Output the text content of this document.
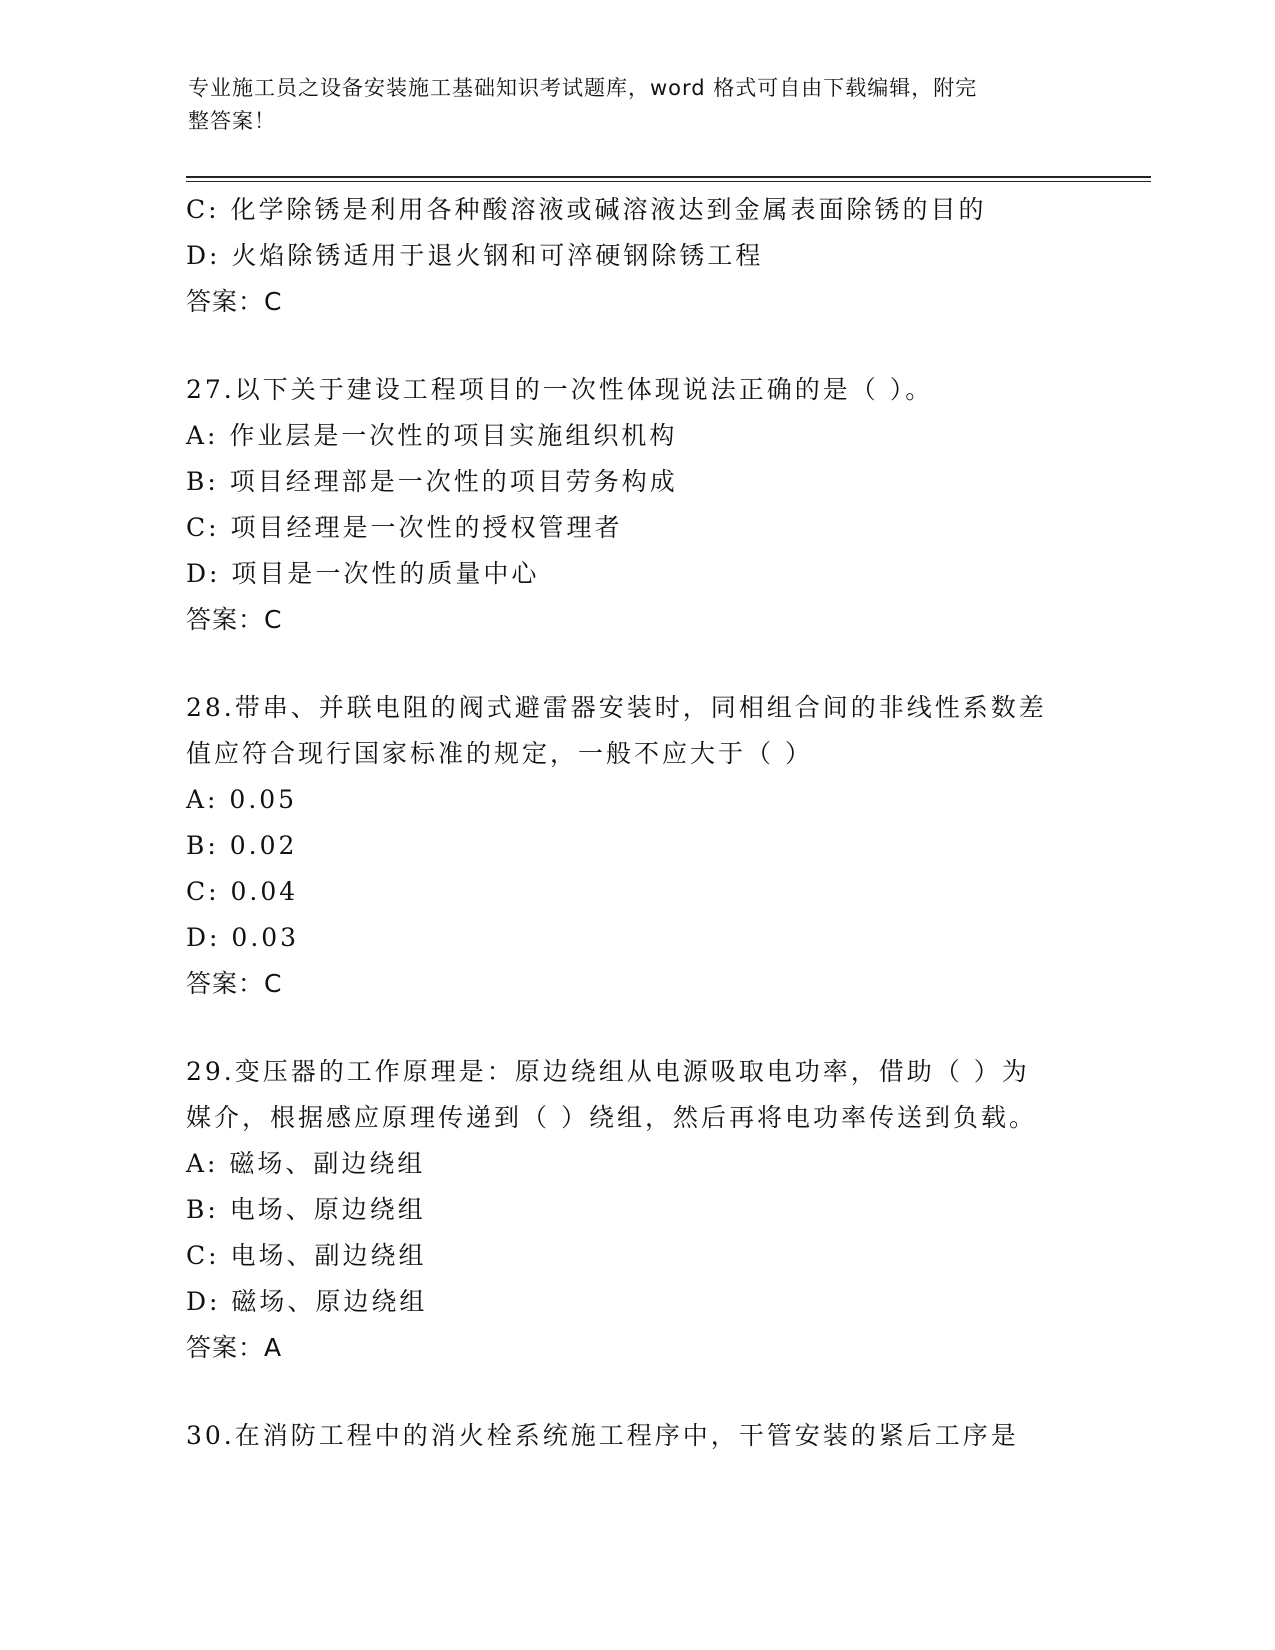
专业施工员之设备安装施工基础知识考试题库，word 格式可自由下载编辑，附完
整答案！
C: 化学除锈是利用各种酸溶液或碱溶液达到金属表面除锈的目的
D: 火焰除锈适用于退火钢和可淬硬钢除锈工程
答案：C
27.以下关于建设工程项目的一次性体现说法正确的是（ ）。
A: 作业层是一次性的项目实施组织机构
B: 项目经理部是一次性的项目劳务构成
C: 项目经理是一次性的授权管理者
D: 项目是一次性的质量中心
答案：C
28.带串、并联电阻的阀式避雷器安装时，同相组合间的非线性系数差
值应符合现行国家标准的规定，一般不应大于（ ）
A: 0.05
B: 0.02
C: 0.04
D: 0.03
答案：C
29.变压器的工作原理是：原边绕组从电源吸取电功率，借助（ ）为
媒介，根据感应原理传递到（ ）绕组，然后再将电功率传送到负载。
A: 磁场、副边绕组
B: 电场、原边绕组
C: 电场、副边绕组
D: 磁场、原边绕组
答案：A
30.在消防工程中的消火栓系统施工程序中，干管安装的紧后工序是
